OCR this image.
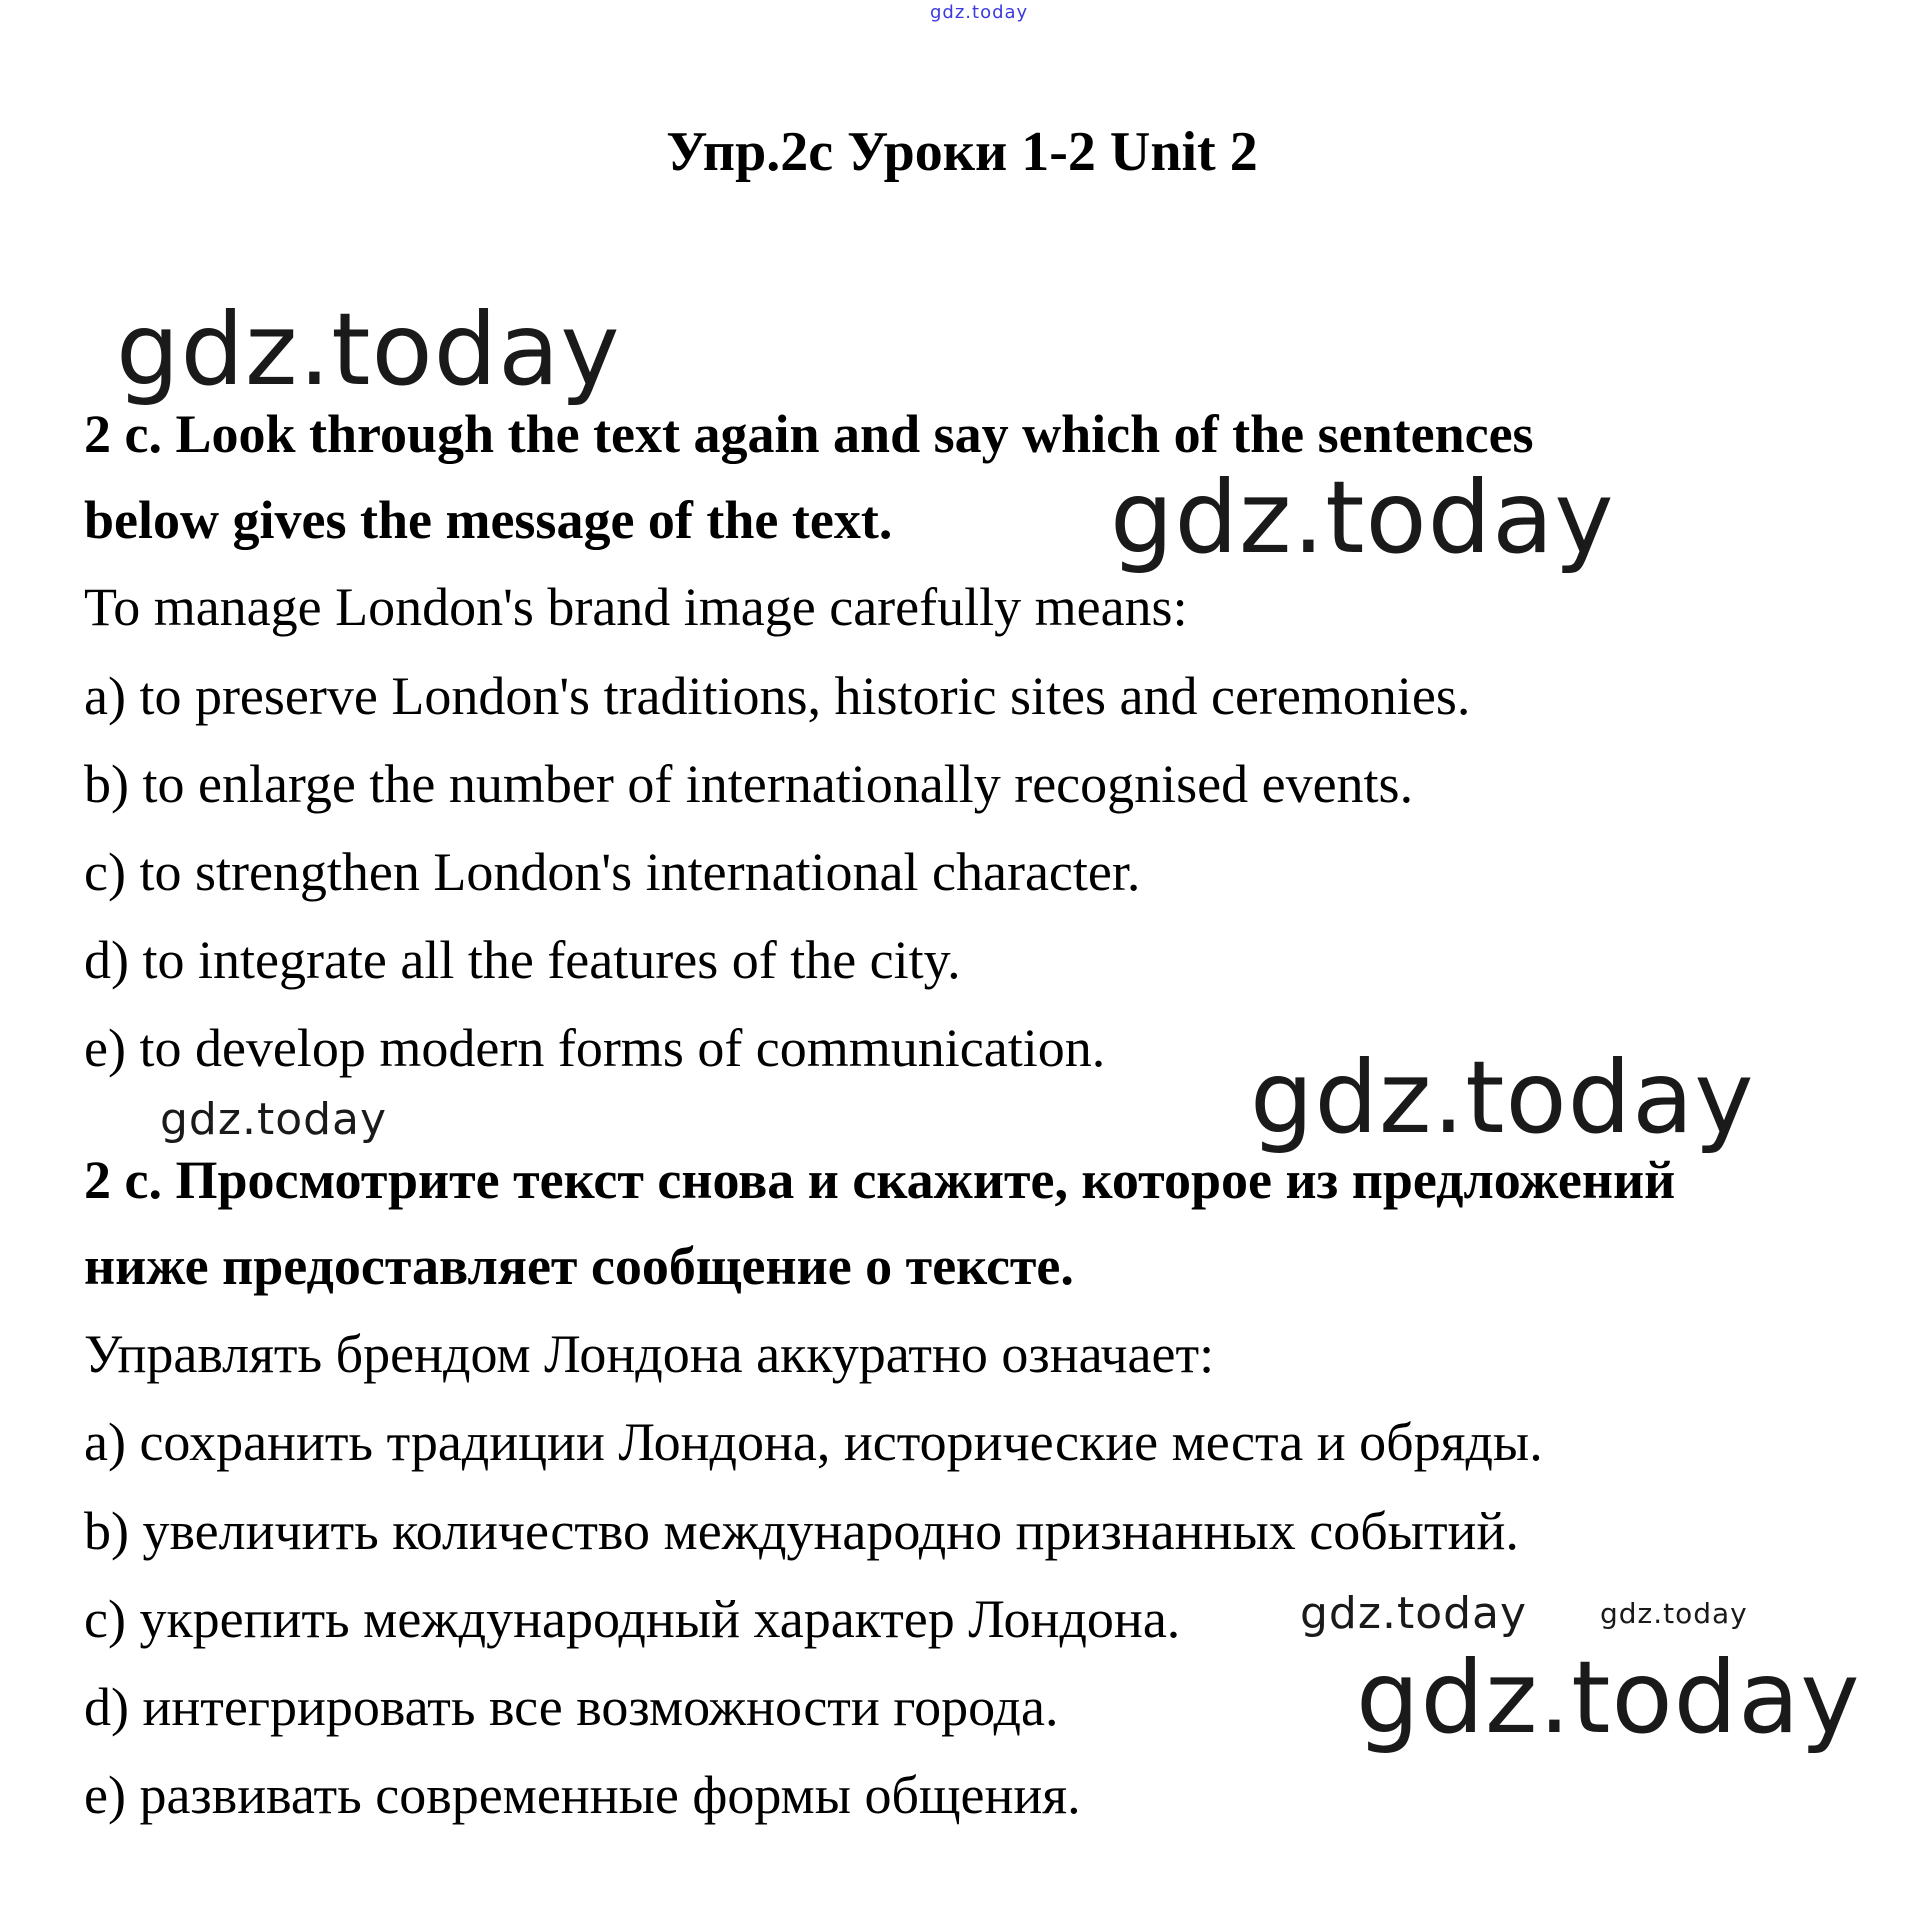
gdz.today
Упр.2с Уроки 1-2 Unit 2
gdz.today
2 c. Look through the text again and say which of the sentences
below gives the message of the text. gdz.today
To manage London's brand image carefully means:
a) to preserve London's traditions, historic sites and ceremonies.
b) to enlarge the number of internationally recognised events.
c) to strengthen London's international character.
d) to integrate all the features of the city.
e) to develop modern forms of communication. gdz.today
gdz.today
2 с. Просмотрите текст снова и скажите, которое из предложений
ниже предоставляет сообщение о тексте.
Управлять брендом Лондона аккуратно означает:
a) сохранить традиции Лондона, исторические места и обряды.
b) увеличить количество международно признанных событий.
c) укрепить международный характер Лондона.	gdz.today	gdz.today
gdz.today
d) интегрировать все возможности города.
e) развивать современные формы общения.
